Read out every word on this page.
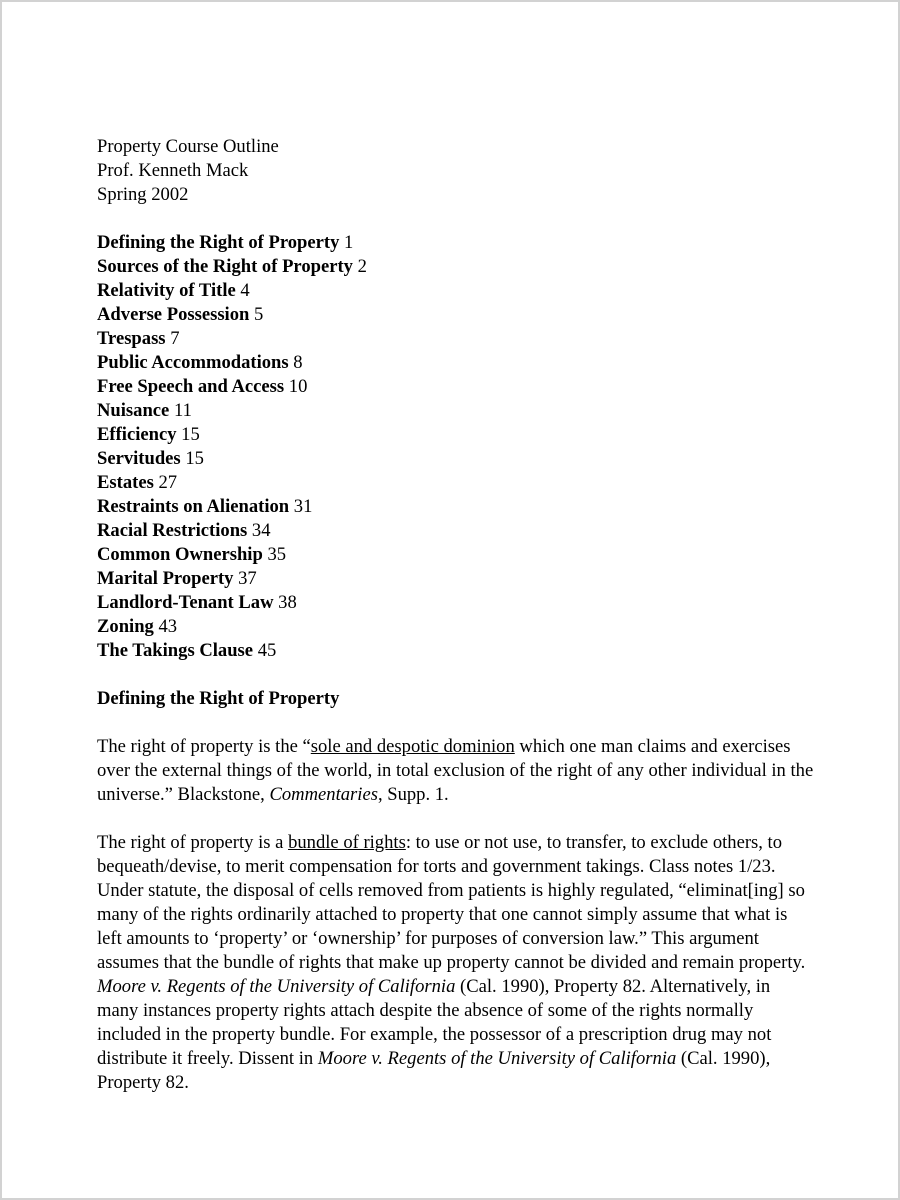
Property Course Outline
Prof. Kenneth Mack
Spring 2002
Defining the Right of Property 1
Sources of the Right of Property 2
Relativity of Title 4
Adverse Possession 5
Trespass 7
Public Accommodations 8
Free Speech and Access 10
Nuisance 11
Efficiency 15
Servitudes 15
Estates 27
Restraints on Alienation 31
Racial Restrictions 34
Common Ownership 35
Marital Property 37
Landlord-Tenant Law 38
Zoning 43
The Takings Clause 45
Defining the Right of Property

The right of property is the “sole and despotic dominion which one man claims and exercises over the external things of the world, in total exclusion of the right of any other individual in the universe.” Blackstone, Commentaries, Supp. 1.

The right of property is a bundle of rights: to use or not use, to transfer, to exclude others, to bequeath/devise, to merit compensation for torts and government takings. Class notes 1/23. Under statute, the disposal of cells removed from patients is highly regulated, “eliminat[ing] so many of the rights ordinarily attached to property that one cannot simply assume that what is left amounts to ‘property’ or ‘ownership’ for purposes of conversion law.” This argument assumes that the bundle of rights that make up property cannot be divided and remain property. Moore v. Regents of the University of California (Cal. 1990), Property 82. Alternatively, in many instances property rights attach despite the absence of some of the rights normally included in the property bundle. For example, the possessor of a prescription drug may not distribute it freely. Dissent in Moore v. Regents of the University of California (Cal. 1990), Property 82.
